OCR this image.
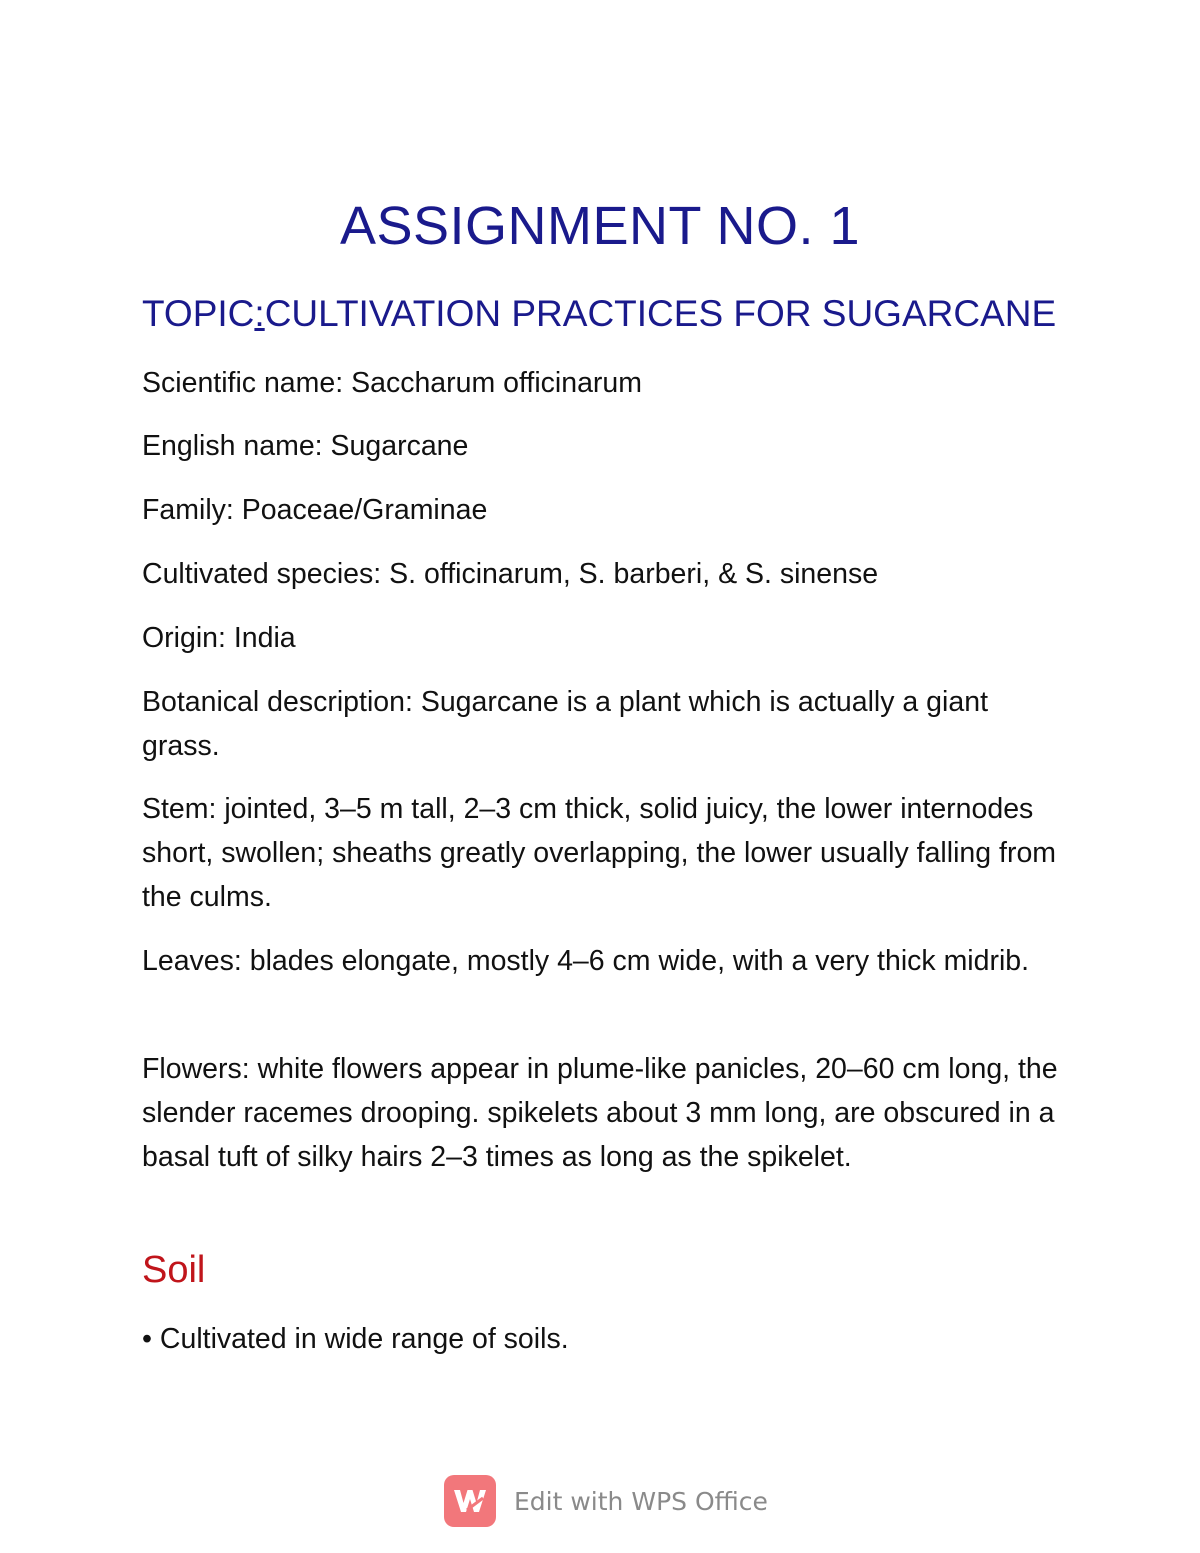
ASSIGNMENT NO. 1
TOPIC:CULTIVATION PRACTICES FOR SUGARCANE
Scientific name: Saccharum officinarum
English name: Sugarcane
Family: Poaceae/Graminae
Cultivated species: S. officinarum, S. barberi, & S. sinense
Origin: India
Botanical description: Sugarcane is a plant which is actually a giant grass.
Stem: jointed, 3–5 m tall, 2–3 cm thick, solid juicy, the lower internodes short, swollen; sheaths greatly overlapping, the lower usually falling from the culms.
Leaves: blades elongate, mostly 4–6 cm wide, with a very thick midrib.
Flowers: white flowers appear in plume-like panicles, 20–60 cm long, the slender racemes drooping. spikelets about 3 mm long, are obscured in a basal tuft of silky hairs 2–3 times as long as the spikelet.
Soil
• Cultivated in wide range of soils.
Edit with WPS Office
